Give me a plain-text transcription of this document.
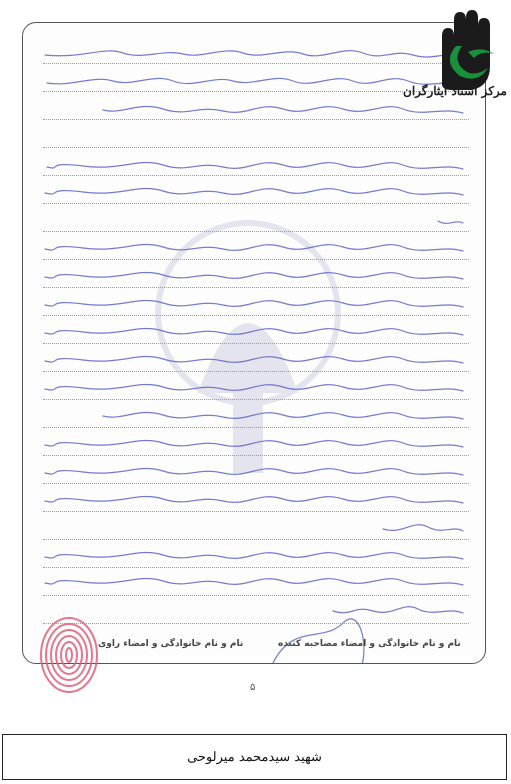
نام و نام خانوادگی و امضاء مصاحبه کننده
نام و نام خانوادگی و امضاء راوی
۵
مرکز اسناد ایثارگران
شهید سیدمحمد میرلوحی
